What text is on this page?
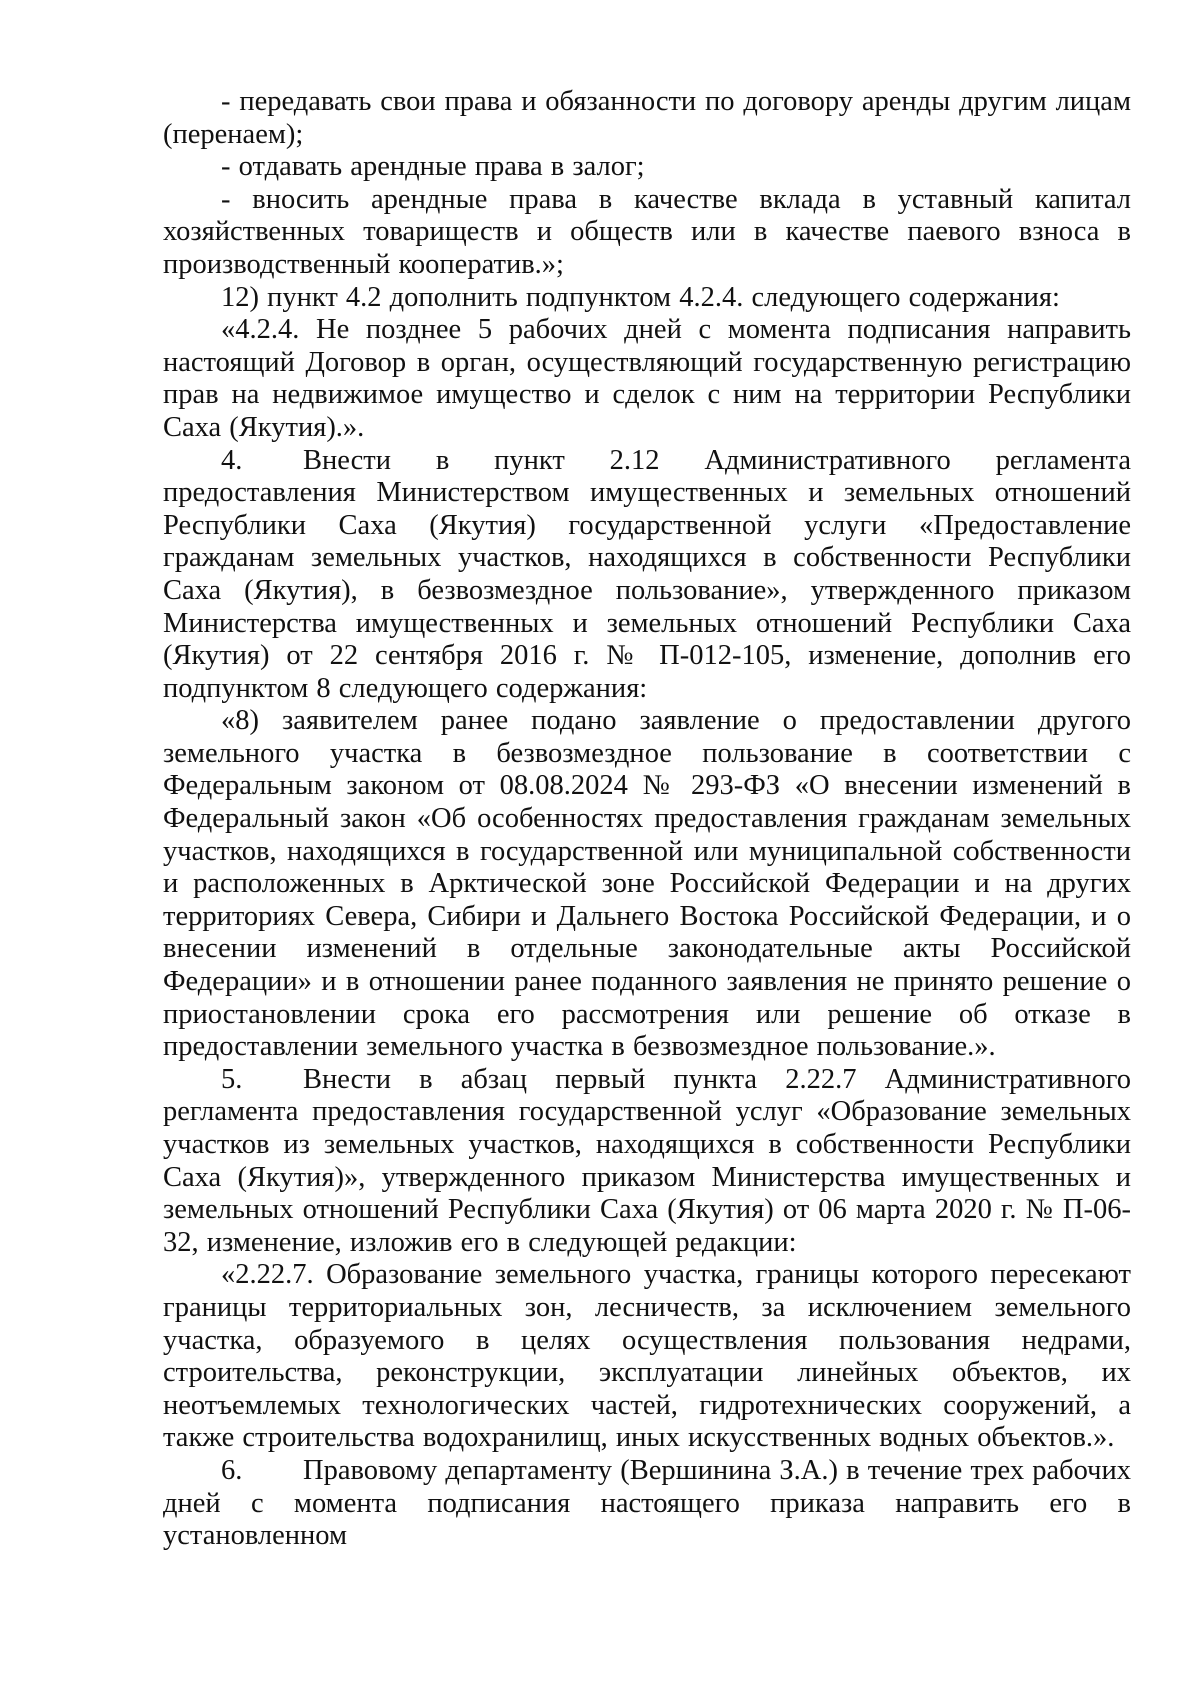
- передавать свои права и обязанности по договору аренды другим лицам (перенаем);

- отдавать арендные права в залог;

- вносить арендные права в качестве вклада в уставный капитал хозяйственных товариществ и обществ или в качестве паевого взноса в производственный кооператив.»;

12) пункт 4.2 дополнить подпунктом 4.2.4. следующего содержания:

«4.2.4. Не позднее 5 рабочих дней с момента подписания направить настоящий Договор в орган, осуществляющий государственную регистрацию прав на недвижимое имущество и сделок с ним на территории Республики Саха (Якутия).».

4. Внести в пункт 2.12 Административного регламента предоставления Министерством имущественных и земельных отношений Республики Саха (Якутия) государственной услуги «Предоставление гражданам земельных участков, находящихся в собственности Республики Саха (Якутия), в безвозмездное пользование», утвержденного приказом Министерства имущественных и земельных отношений Республики Саха (Якутия) от 22 сентября 2016 г. № П-012-105, изменение, дополнив его подпунктом 8 следующего содержания:

«8) заявителем ранее подано заявление о предоставлении другого земельного участка в безвозмездное пользование в соответствии с Федеральным законом от 08.08.2024 № 293-ФЗ «О внесении изменений в Федеральный закон «Об особенностях предоставления гражданам земельных участков, находящихся в государственной или муниципальной собственности и расположенных в Арктической зоне Российской Федерации и на других территориях Севера, Сибири и Дальнего Востока Российской Федерации, и о внесении изменений в отдельные законодательные акты Российской Федерации» и в отношении ранее поданного заявления не принято решение о приостановлении срока его рассмотрения или решение об отказе в предоставлении земельного участка в безвозмездное пользование.».

5. Внести в абзац первый пункта 2.22.7 Административного регламента предоставления государственной услуг «Образование земельных участков из земельных участков, находящихся в собственности Республики Саха (Якутия)», утвержденного приказом Министерства имущественных и земельных отношений Республики Саха (Якутия) от 06 марта 2020 г. № П-06-32, изменение, изложив его в следующей редакции:

«2.22.7. Образование земельного участка, границы которого пересекают границы территориальных зон, лесничеств, за исключением земельного участка, образуемого в целях осуществления пользования недрами, строительства, реконструкции, эксплуатации линейных объектов, их неотъемлемых технологических частей, гидротехнических сооружений, а также строительства водохранилищ, иных искусственных водных объектов.».

6. Правовому департаменту (Вершинина З.А.) в течение трех рабочих дней с момента подписания настоящего приказа направить его в установленном
